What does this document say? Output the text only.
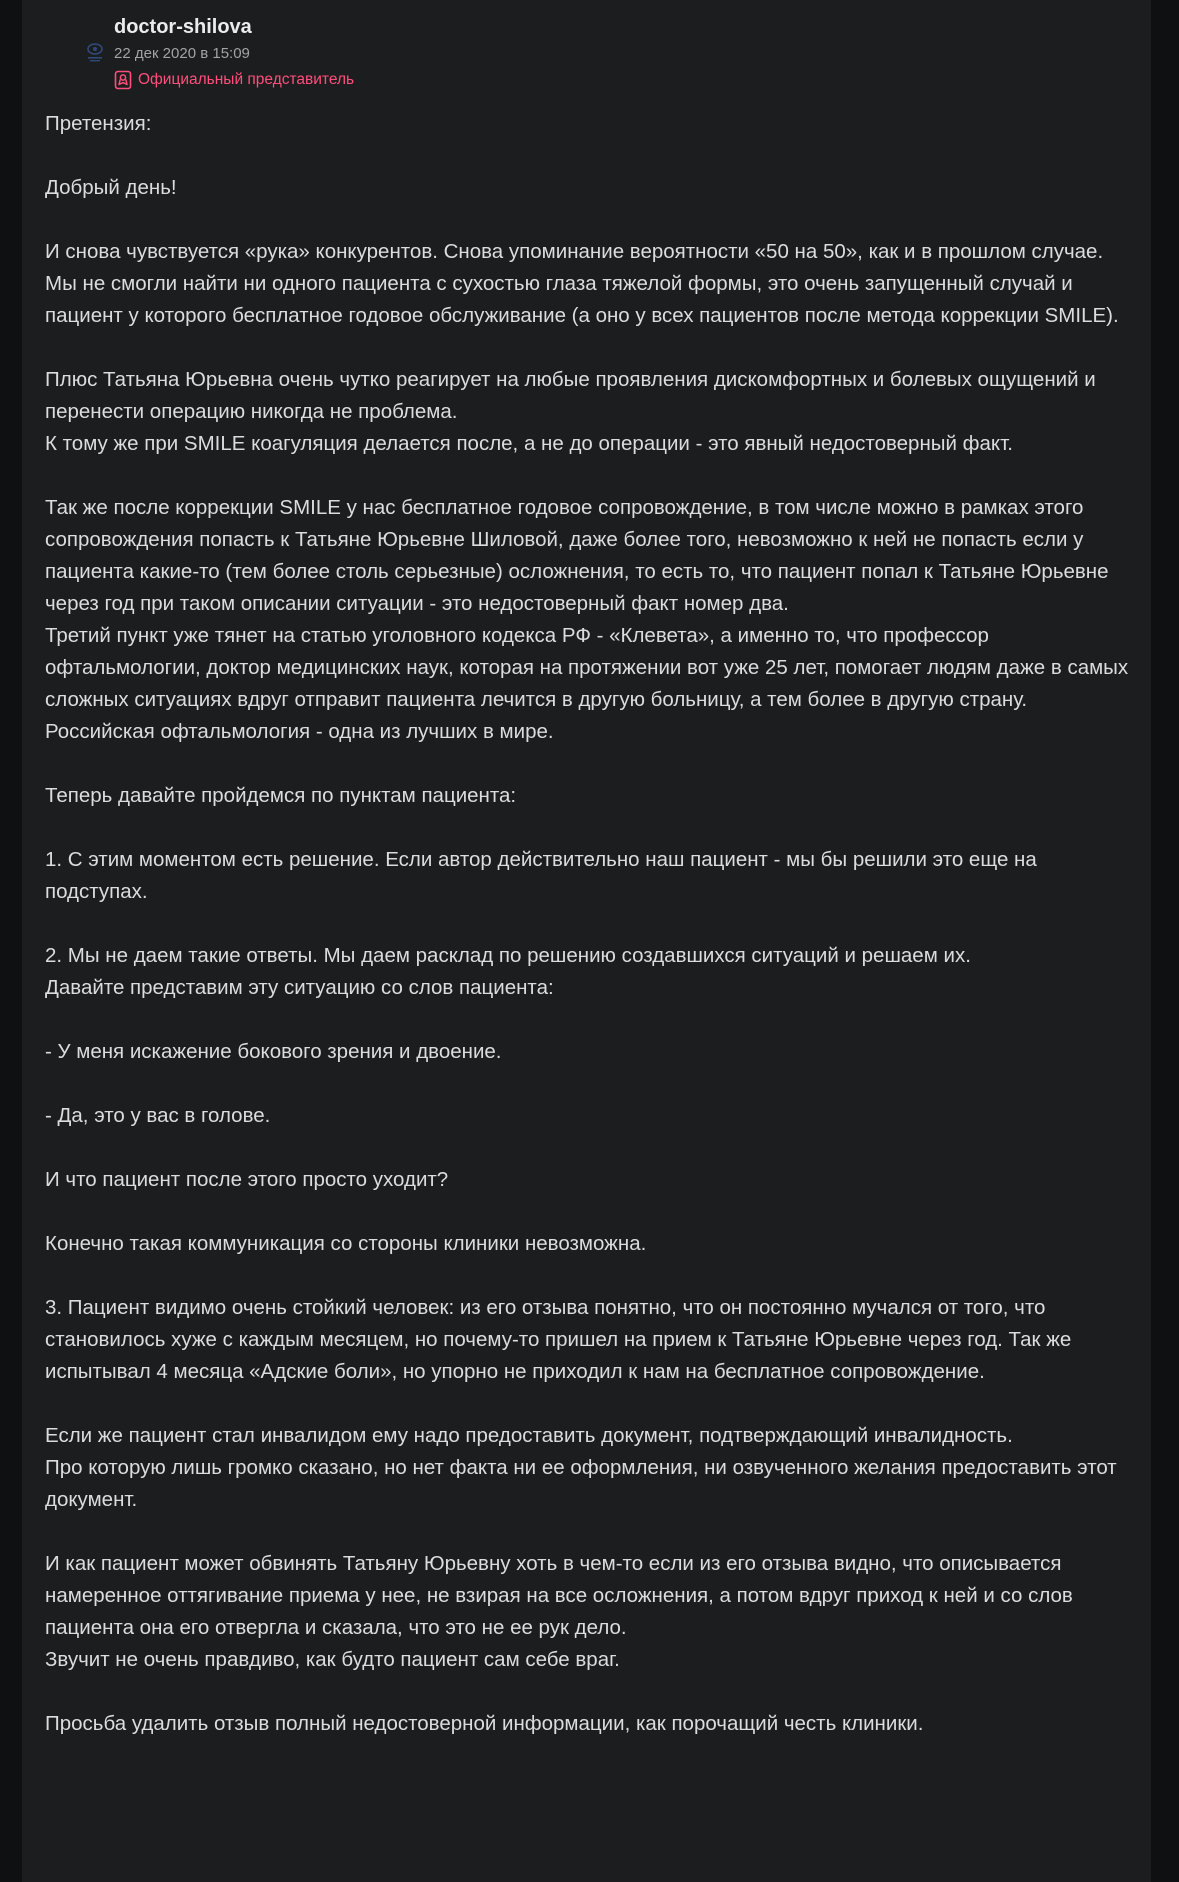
doctor-shilova
22 дек 2020 в 15:09
Официальный представитель

Претензия:

Добрый день!

И снова чувствуется «рука» конкурентов. Снова упоминание вероятности «50 на 50», как и в прошлом случае.
Мы не смогли найти ни одного пациента с сухостью глаза тяжелой формы, это очень запущенный случай и пациент у которого бесплатное годовое обслуживание (а оно у всех пациентов после метода коррекции SMILE).

Плюс Татьяна Юрьевна очень чутко реагирует на любые проявления дискомфортных и болевых ощущений и перенести операцию никогда не проблема.
К тому же при SMILE коагуляция делается после, а не до операции - это явный недостоверный факт.

Так же после коррекции SMILE у нас бесплатное годовое сопровождение, в том числе можно в рамках этого сопровождения попасть к Татьяне Юрьевне Шиловой, даже более того, невозможно к ней не попасть если у пациента какие-то (тем более столь серьезные) осложнения, то есть то, что пациент попал к Татьяне Юрьевне через год при таком описании ситуации - это недостоверный факт номер два.
Третий пункт уже тянет на статью уголовного кодекса РФ - «Клевета», а именно то, что профессор офтальмологии, доктор медицинских наук, которая на протяжении вот уже 25 лет, помогает людям даже в самых сложных ситуациях вдруг отправит пациента лечится в другую больницу, а тем более в другую страну. Российская офтальмология - одна из лучших в мире.

Теперь давайте пройдемся по пунктам пациента:

1. С этим моментом есть решение. Если автор действительно наш пациент - мы бы решили это еще на подступах.

2. Мы не даем такие ответы. Мы даем расклад по решению создавшихся ситуаций и решаем их.
Давайте представим эту ситуацию со слов пациента:

- У меня искажение бокового зрения и двоение.

- Да, это у вас в голове.

И что пациент после этого просто уходит?

Конечно такая коммуникация со стороны клиники невозможна.

3. Пациент видимо очень стойкий человек: из его отзыва понятно, что он постоянно мучался от того, что становилось хуже с каждым месяцем, но почему-то пришел на прием к Татьяне Юрьевне через год. Так же испытывал 4 месяца «Адские боли», но упорно не приходил к нам на бесплатное сопровождение.

Если же пациент стал инвалидом ему надо предоставить документ, подтверждающий инвалидность.
Про которую лишь громко сказано, но нет факта ни ее оформления, ни озвученного желания предоставить этот документ.

И как пациент может обвинять Татьяну Юрьевну хоть в чем-то если из его отзыва видно, что описывается намеренное оттягивание приема у нее, не взирая на все осложнения, а потом вдруг приход к ней и со слов пациента она его отвергла и сказала, что это не ее рук дело.
Звучит не очень правдиво, как будто пациент сам себе враг.

Просьба удалить отзыв полный недостоверной информации, как порочащий честь клиники.
